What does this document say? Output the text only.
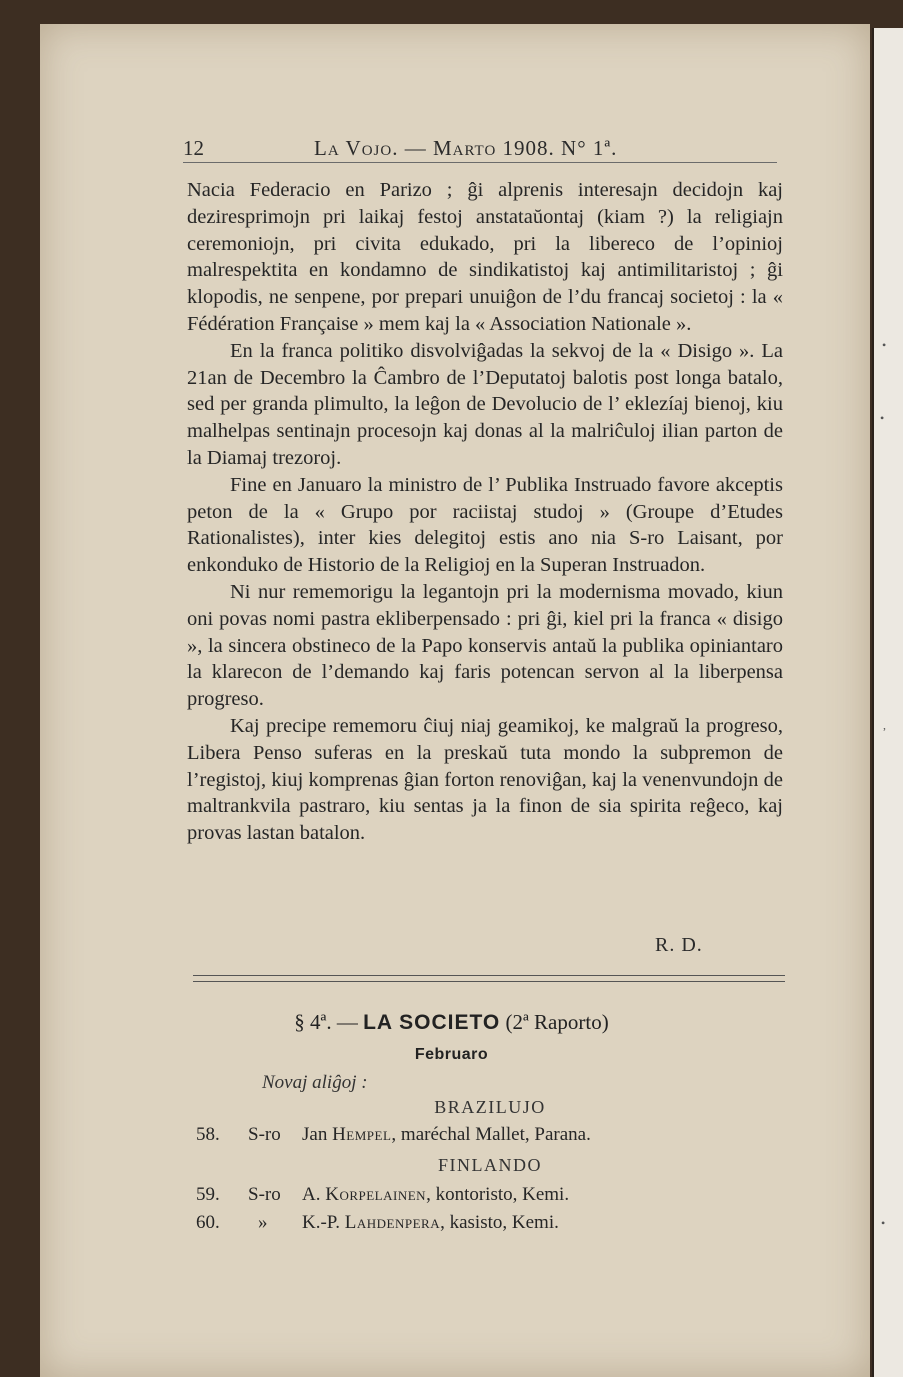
•
•
,
•
12	La Vojo. — Marto 1908. N° 1ª.

Nacia Federacio en Parizo ; ĝi alprenis interesajn decidojn kaj deziresprimojn pri laikaj festoj anstataŭontaj (kiam ?) la religiajn ceremoniojn, pri civita edukado, pri la libereco de l’opinioj malrespektita en kondamno de sindikatistoj kaj antimilitaristoj ; ĝi klopodis, ne senpene, por prepari unuiĝon de l’du francaj societoj : la « Fédération Française » mem kaj la « Association Nationale ».

En la franca politiko disvolviĝadas la sekvoj de la « Disigo ». La 21an de Decembro la Ĉambro de l’Deputatoj balotis post longa batalo, sed per granda plimulto, la leĝon de Devolucio de l’ eklezíaj bienoj, kiu malhelpas sentinajn procesojn kaj donas al la malriĉuloj ilian parton de la Diamaj trezoroj.

Fine en Januaro la ministro de l’ Publika Instruado favore akceptis peton de la « Grupo por raciistaj studoj » (Groupe d’Etudes Rationalistes), inter kies delegitoj estis ano nia S-ro Laisant, por enkonduko de Historio de la Religioj en la Superan Instruadon.

Ni nur rememorigu la legantojn pri la modernisma movado, kiun oni povas nomi pastra ekliberpensado : pri ĝi, kiel pri la franca « disigo », la sincera obstineco de la Papo konservis antaŭ la publika opiniantaro la klarecon de l’demando kaj faris potencan servon al la liberpensa progreso.

Kaj precipe rememoru ĉiuj niaj geamikoj, ke malgraŭ la progreso, Libera Penso suferas en la preskaŭ tuta mondo la subpremon de l’registoj, kiuj komprenas ĝian forton renoviĝan, kaj la venenvundojn de maltrankvila pastraro, kiu sentas ja la finon de sia spirita reĝeco, kaj provas lastan batalon.

R. D.
§ 4ª. — LA SOCIETO (2ª Raporto)
Februaro
Novaj aliĝoj :
BRAZILUJO
58. S-ro Jan Hempel, maréchal Mallet, Parana.
FINLANDO
59. S-ro A. Korpelainen, kontoristo, Kemi.
60. » K.-P. Lahdenpera, kasisto, Kemi.
